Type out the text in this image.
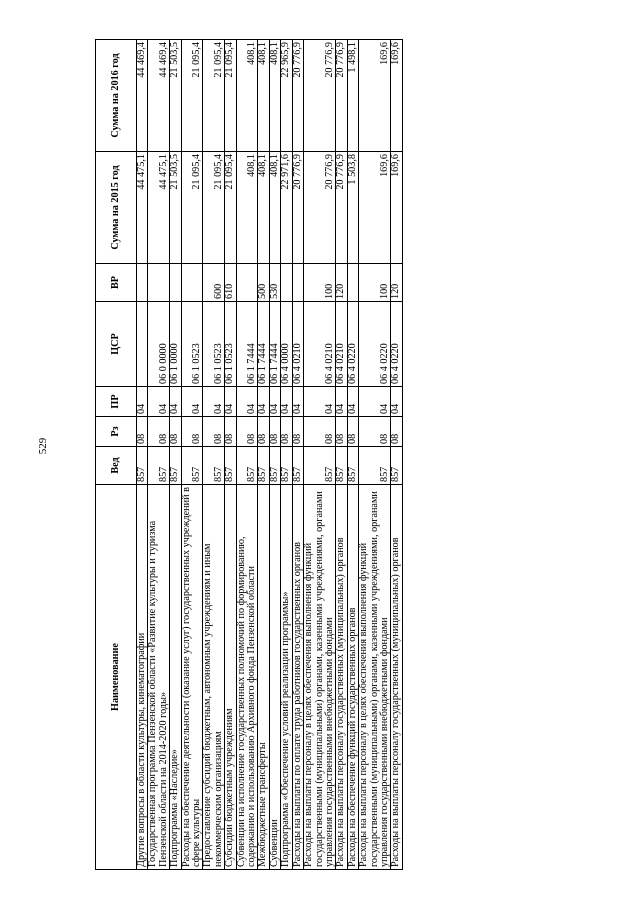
529
Наименование	Вед	Рз	ПР	ЦСР	ВР	Сумма на 2015 год	Сумма на 2016 год
Другие вопросы в области культуры, кинематографии	857	08	04			44 475,1	44 469,4
Государственная программа Пензенской области «Развитие культуры и туризма Пензенской области на 2014-2020 годы»	857	08	04	06 0 0000		44 475,1	44 469,4
Подпрограмма «Наследие»	857	08	04	06 1 0000		21 503,5	21 503,5
Расходы на обеспечение деятельности (оказание услуг) государственных учреждений в сфере культуры	857	08	04	06 1 0523		21 095,4	21 095,4
Предоставление субсидий бюджетным, автономным учреждениям и иным некоммерческим организациям	857	08	04	06 1 0523	600	21 095,4	21 095,4
Субсидии бюджетным учреждениям	857	08	04	06 1 0523	610	21 095,4	21 095,4
Субвенции на исполнение государственных полномочий по формированию, содержанию и использованию Архивного фонда Пензенской области	857	08	04	06 1 7444		408,1	408,1
Межбюджетные трансферты	857	08	04	06 1 7444	500	408,1	408,1
Субвенции	857	08	04	06 1 7444	530	408,1	408,1
Подпрограмма «Обеспечение условий реализации программы»	857	08	04	06 4 0000		22 971,6	22 965,9
Расходы на выплаты по оплате труда работников государственных органов	857	08	04	06 4 0210		20 776,9	20 776,9
Расходы на выплаты персоналу в целях обеспечения выполнения функций государственными (муниципальными) органами, казенными учреждениями, органами управления государственными внебюджетными фондами	857	08	04	06 4 0210	100	20 776,9	20 776,9
Расходы на выплаты персоналу государственных (муниципальных) органов	857	08	04	06 4 0210	120	20 776,9	20 776,9
Расходы на обеспечение функций государственных органов	857	08	04	06 4 0220		1 503,8	1 498,1
Расходы на выплаты персоналу в целях обеспечения выполнения функций государственными (муниципальными) органами, казенными учреждениями, органами управления государственными внебюджетными фондами	857	08	04	06 4 0220	100	169,6	169,6
Расходы на выплаты персоналу государственных (муниципальных) органов	857	08	04	06 4 0220	120	169,6	169,6
